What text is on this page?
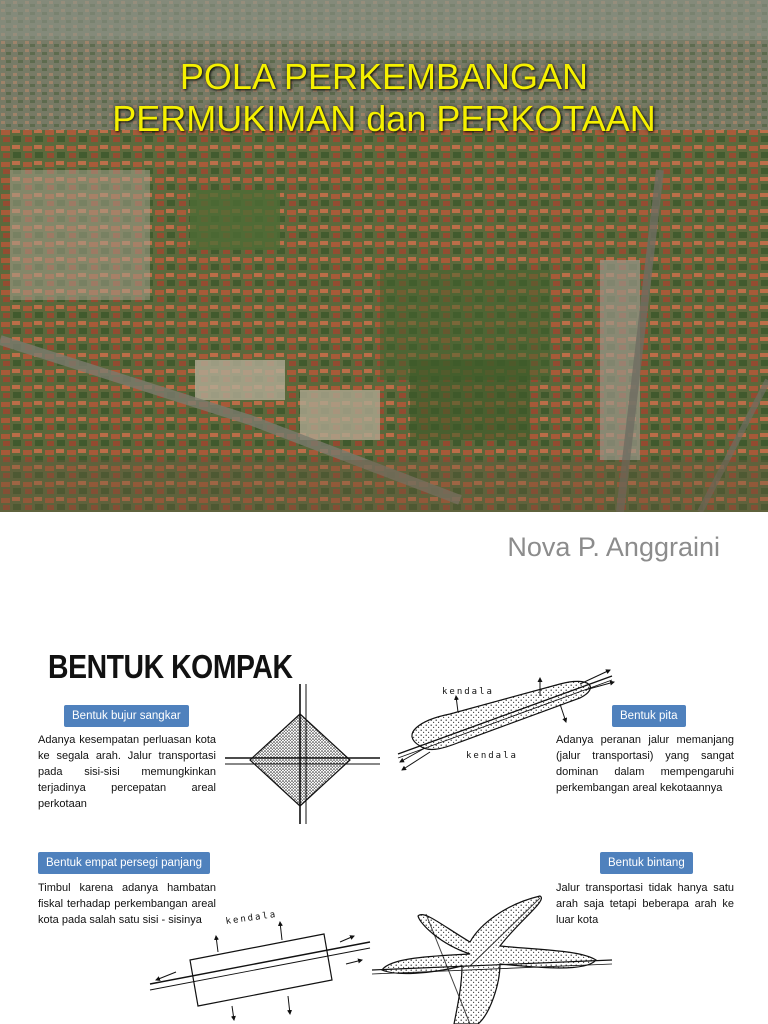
POLA PERKEMBANGAN
PERMUKIMAN dan PERKOTAAN
Nova P. Anggraini
BENTUK KOMPAK
kendala
kendala
kendala
Bentuk bujur sangkar
Adanya kesempatan perluasan kota ke segala arah. Jalur transportasi pada sisi-sisi memungkinkan terjadinya percepatan areal perkotaan
Bentuk pita
Adanya peranan jalur memanjang (jalur transportasi) yang sangat dominan dalam mempengaruhi perkembangan areal kekotaannya
Bentuk empat persegi panjang
Timbul karena adanya hambatan fiskal terhadap perkembangan areal kota pada salah satu sisi - sisinya
Bentuk bintang
Jalur transportasi tidak hanya satu arah saja tetapi beberapa arah ke luar kota
